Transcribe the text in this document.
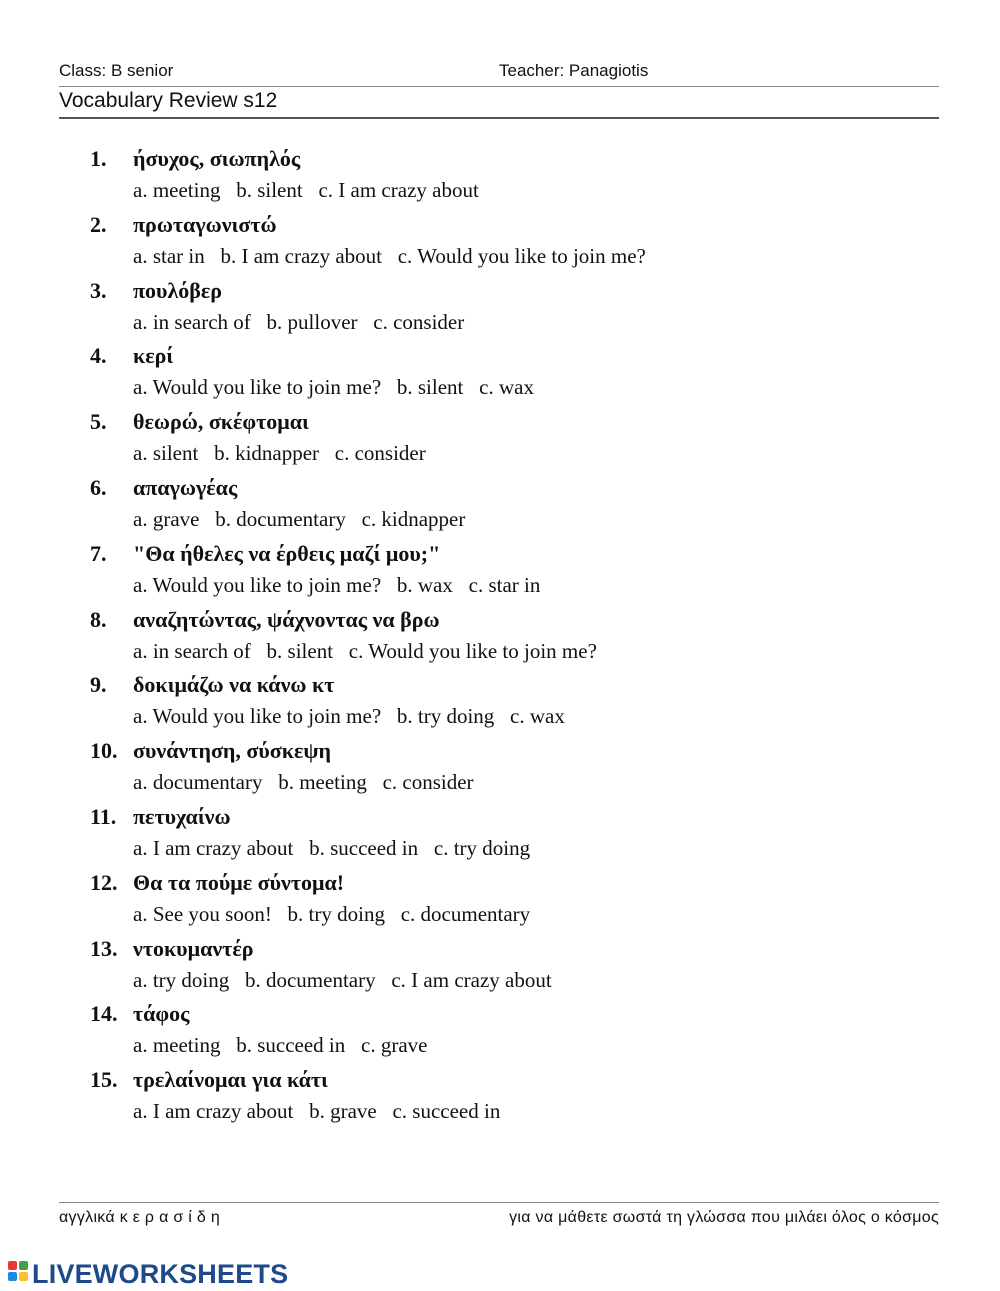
Class: B senior	Teacher: Panagiotis
Vocabulary Review s12
1.	ήσυχος, σιωπηλός
a. meeting   b. silent   c. I am crazy about
2.	πρωταγωνιστώ
a. star in   b. I am crazy about   c. Would you like to join me?
3.	πουλόβερ
a. in search of   b. pullover   c. consider
4.	κερί
a. Would you like to join me?   b. silent   c. wax
5.	θεωρώ, σκέφτομαι
a. silent   b. kidnapper   c. consider
6.	απαγωγέας
a. grave   b. documentary   c. kidnapper
7.	"Θα ήθελες να έρθεις μαζί μου;"
a. Would you like to join me?   b. wax   c. star in
8.	αναζητώντας, ψάχνοντας να βρω
a. in search of   b. silent   c. Would you like to join me?
9.	δοκιμάζω να κάνω κτ
a. Would you like to join me?   b. try doing   c. wax
10. συνάντηση, σύσκεψη
a. documentary   b. meeting   c. consider
11. πετυχαίνω
a. I am crazy about   b. succeed in   c. try doing
12. Θα τα πούμε σύντομα!
a. See you soon!   b. try doing   c. documentary
13. ντοκυμαντέρ
a. try doing   b. documentary   c. I am crazy about
14. τάφος
a. meeting   b. succeed in   c. grave
15. τρελαίνομαι για κάτι
a. I am crazy about   b. grave   c. succeed in
αγγλικά κ ε ρ α σ ί δ η	για να μάθετε σωστά τη γλώσσα που μιλάει όλος ο κόσμος
LIVEWORKSHEETS
